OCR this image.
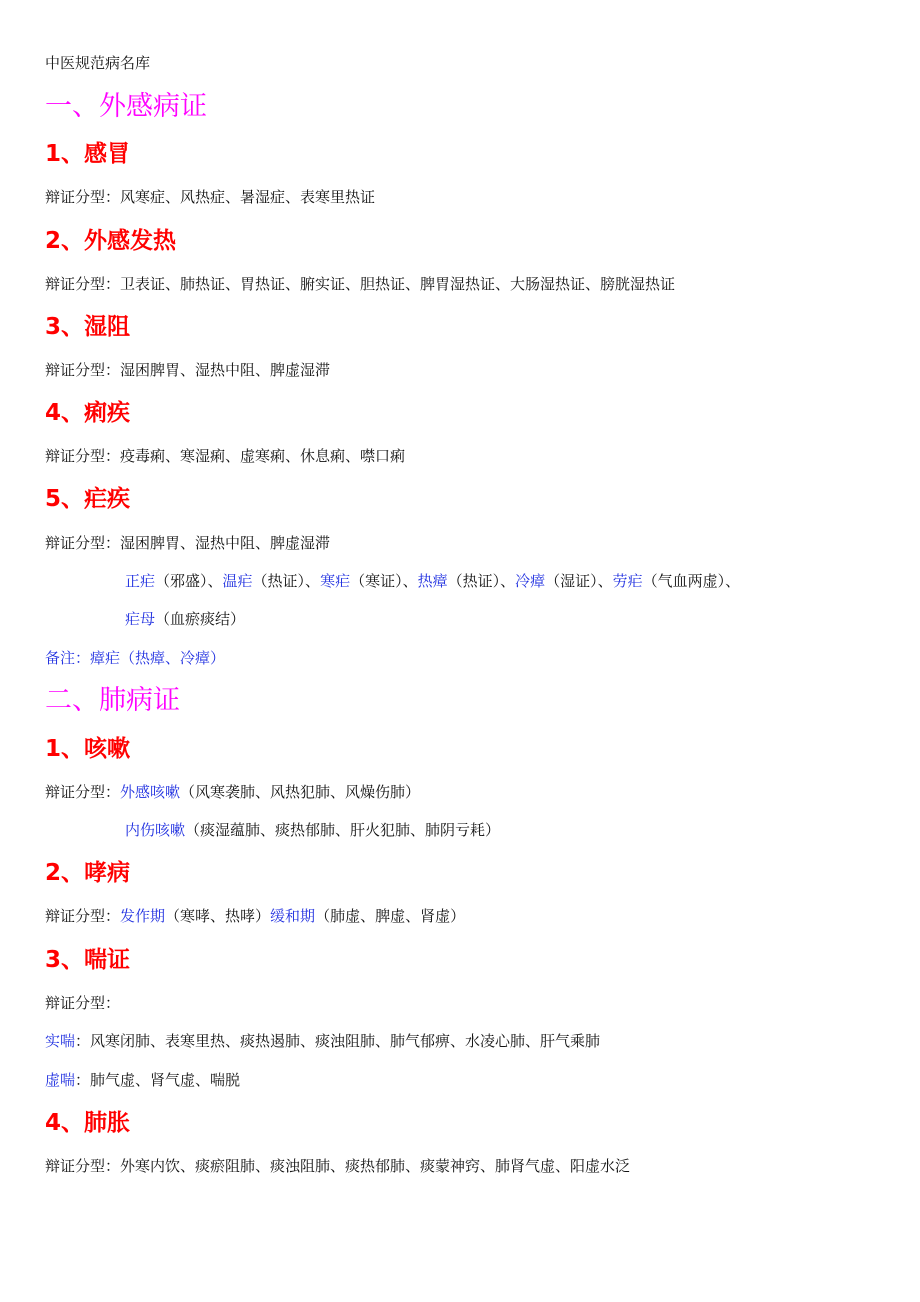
中医规范病名库
一、外感病证
1、感冒
辩证分型：风寒症、风热症、暑湿症、表寒里热证
2、外感发热
辩证分型：卫表证、肺热证、胃热证、腑实证、胆热证、脾胃湿热证、大肠湿热证、膀胱湿热证
3、湿阻
辩证分型：湿困脾胃、湿热中阻、脾虚湿滞
4、痢疾
辩证分型：疫毒痢、寒湿痢、虚寒痢、休息痢、噤口痢
5、疟疾
辩证分型：湿困脾胃、湿热中阻、脾虚湿滞
正疟（邪盛）、温疟（热证）、寒疟（寒证）、热瘴（热证）、冷瘴（湿证）、劳疟（气血两虚）、
疟母（血瘀痰结）
备注：瘴疟（热瘴、冷瘴）
二、肺病证
1、咳嗽
辩证分型：外感咳嗽（风寒袭肺、风热犯肺、风燥伤肺）
内伤咳嗽（痰湿蕴肺、痰热郁肺、肝火犯肺、肺阴亏耗）
2、哮病
辩证分型：发作期（寒哮、热哮）缓和期（肺虚、脾虚、肾虚）
3、喘证
辩证分型：
实喘：风寒闭肺、表寒里热、痰热遏肺、痰浊阻肺、肺气郁痹、水凌心肺、肝气乘肺
虚喘：肺气虚、肾气虚、喘脱
4、肺胀
辩证分型：外寒内饮、痰瘀阻肺、痰浊阻肺、痰热郁肺、痰蒙神窍、肺肾气虚、阳虚水泛
